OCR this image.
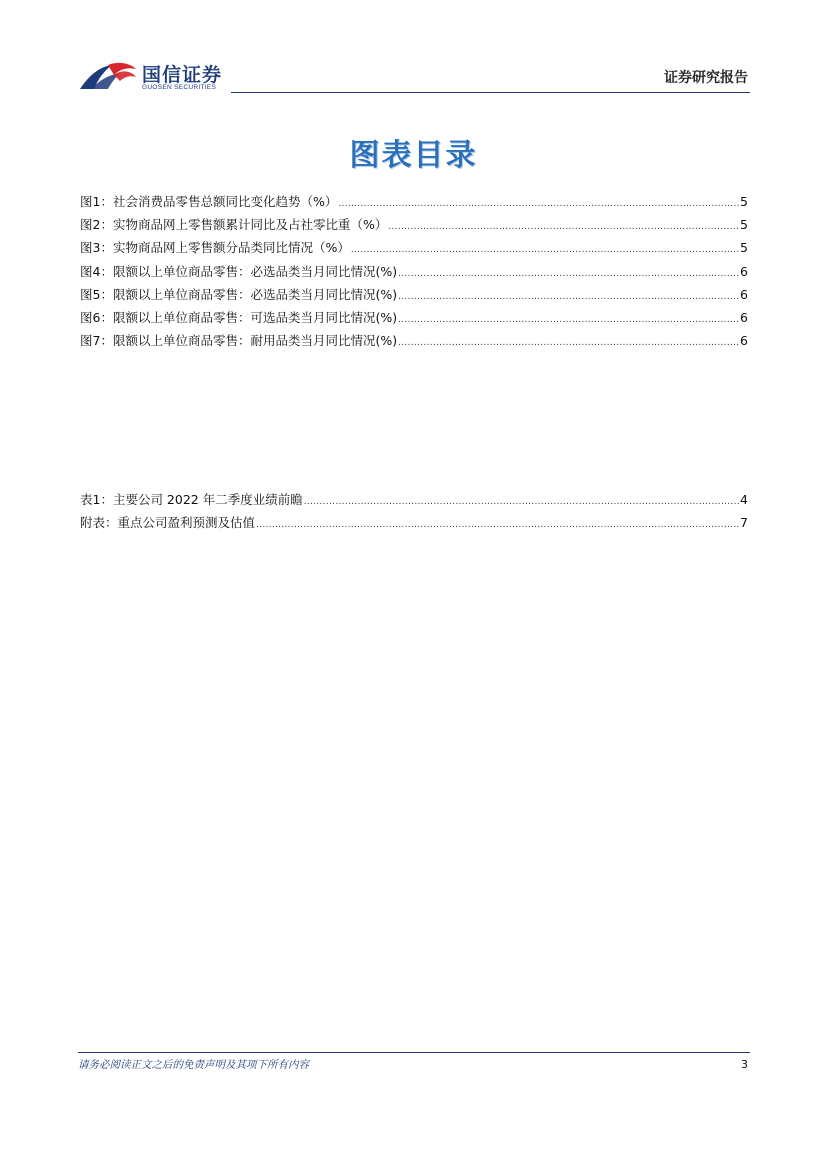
国信证券
GUOSEN SECURITIES
证券研究报告
图表目录
图1：社会消费品零售总额同比变化趋势（%） .....	5
图2：实物商品网上零售额累计同比及占社零比重（%） .....	5
图3：实物商品网上零售额分品类同比情况（%） .....	5
图4：限额以上单位商品零售：必选品类当月同比情况(%) .....	6
图5：限额以上单位商品零售：必选品类当月同比情况(%) .....	6
图6：限额以上单位商品零售：可选品类当月同比情况(%) .....	6
图7：限额以上单位商品零售：耐用品类当月同比情况(%) .....	6
表1：主要公司 2022 年二季度业绩前瞻 .....	4
附表：重点公司盈利预测及估值 .....	7
请务必阅读正文之后的免责声明及其项下所有内容	3
